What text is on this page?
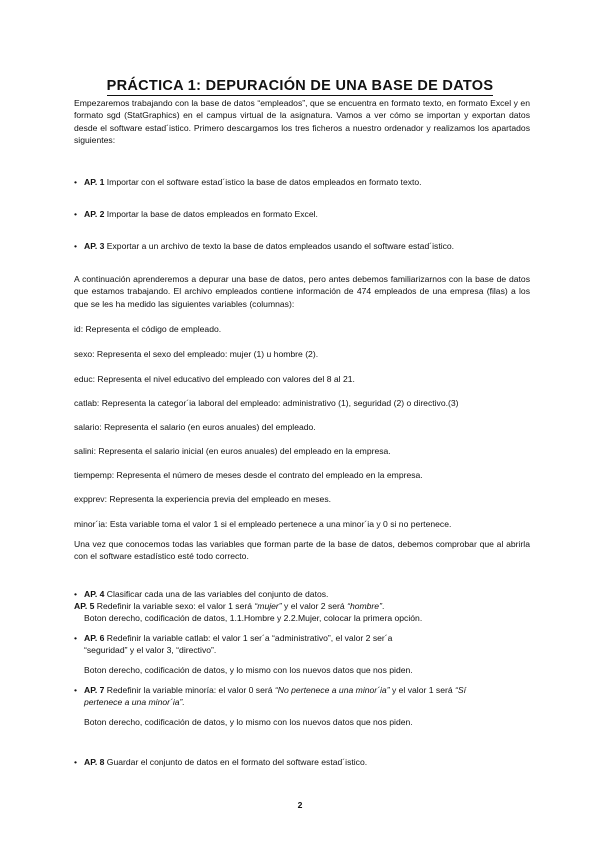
PRÁCTICA 1: DEPURACIÓN DE UNA BASE DE DATOS

Empezaremos trabajando con la base de datos “empleados”, que se encuentra en formato texto, en formato Excel y en formato sgd (StatGraphics) en el campus virtual de la asignatura. Vamos a ver cómo se importan y exportan datos desde el software estad´istico. Primero descargamos los tres ficheros a nuestro ordenador y realizamos los apartados siguientes:

• AP. 1 Importar con el software estad´istico la base de datos empleados en formato texto.
• AP. 2 Importar la base de datos empleados en formato Excel.
• AP. 3 Exportar a un archivo de texto la base de datos empleados usando el software estad´istico.

A continuación aprenderemos a depurar una base de datos, pero antes debemos familiarizarnos con la base de datos que estamos trabajando. El archivo empleados contiene información de 474 empleados de una empresa (filas) a los que se les ha medido las siguientes variables (columnas):

id: Representa el código de empleado.
sexo: Representa el sexo del empleado: mujer (1) u hombre (2).
educ: Representa el nivel educativo del empleado con valores del 8 al 21.
catlab: Representa la categor´ia laboral del empleado: administrativo (1), seguridad (2) o directivo.(3)
salario: Representa el salario (en euros anuales) del empleado.
salini: Representa el salario inicial (en euros anuales) del empleado en la empresa.
tiempemp: Representa el número de meses desde el contrato del empleado en la empresa.
expprev: Representa la experiencia previa del empleado en meses.
minor´ia: Esta variable toma el valor 1 si el empleado pertenece a una minor´ia y 0 si no pertenece.

Una vez que conocemos todas las variables que forman parte de la base de datos, debemos comprobar que al abrirla con el software estadístico esté todo correcto.

• AP. 4 Clasificar cada una de las variables del conjunto de datos.
AP. 5 Redefinir la variable sexo: el valor 1 será “mujer” y el valor 2 será “hombre”.
Boton derecho, codificación de datos, 1.1.Hombre y 2.2.Mujer, colocar la primera opción.
• AP. 6 Redefinir la variable catlab: el valor 1 ser´a “administrativo”, el valor 2 ser´a
“seguridad” y el valor 3, “directivo”.
Boton derecho, codificación de datos, y lo mismo con los nuevos datos que nos piden.
• AP. 7 Redefinir la variable minoría: el valor 0 será “No pertenece a una minor´ia” y el valor 1 será “Sí
pertenece a una minor´ia”.
Boton derecho, codificación de datos, y lo mismo con los nuevos datos que nos piden.
• AP. 8 Guardar el conjunto de datos en el formato del software estad´istico.
2
